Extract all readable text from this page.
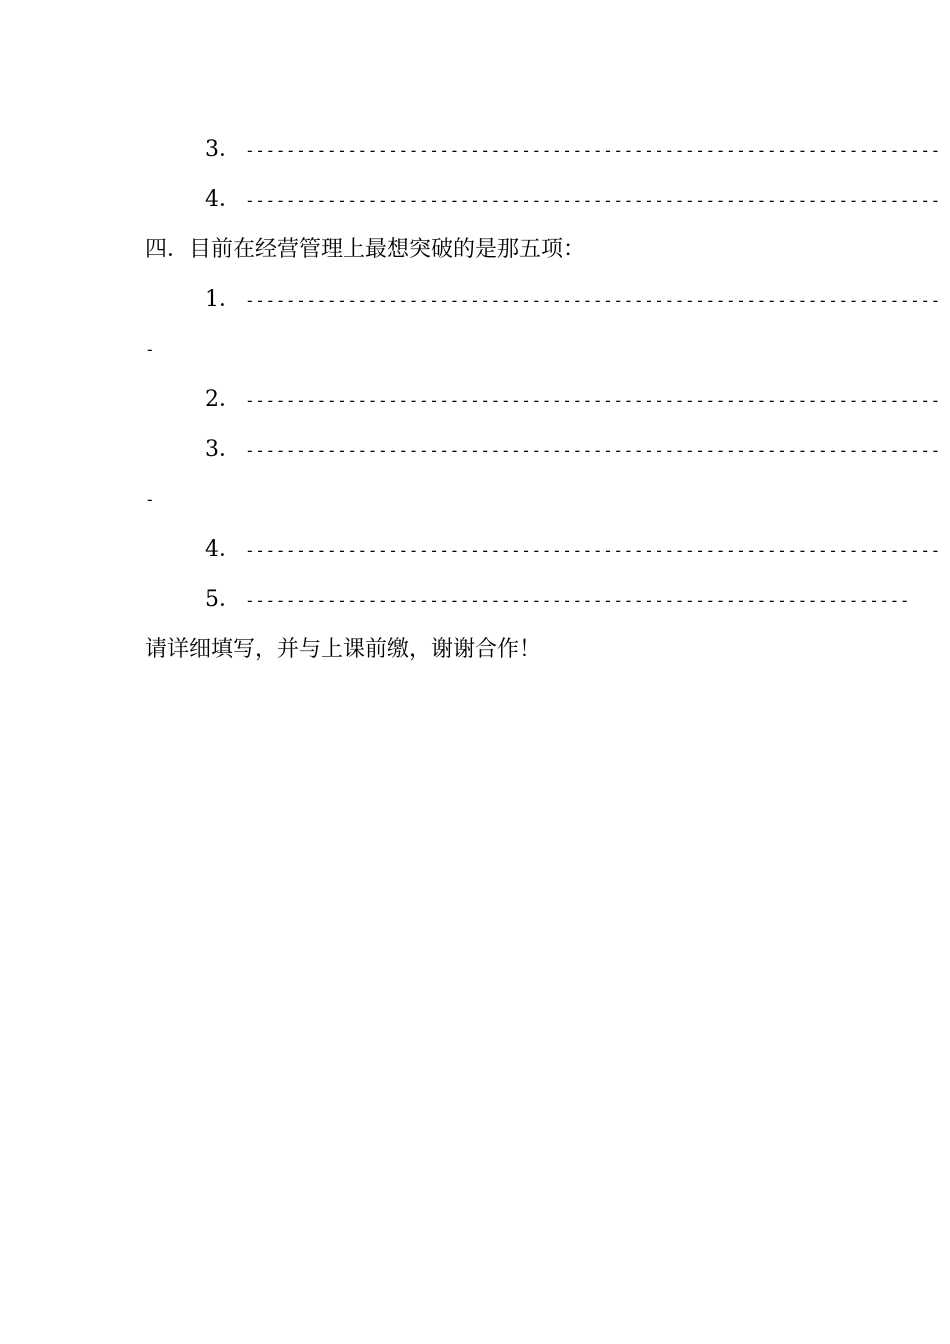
3． --------------------------------------------------------------------
4． --------------------------------------------------------------------
四．目前在经营管理上最想突破的是那五项：
1． --------------------------------------------------------------------
-
2． --------------------------------------------------------------------
3． --------------------------------------------------------------------
-
4． --------------------------------------------------------------------
5． -----------------------------------------------------------------
请详细填写，并与上课前缴，谢谢合作！
